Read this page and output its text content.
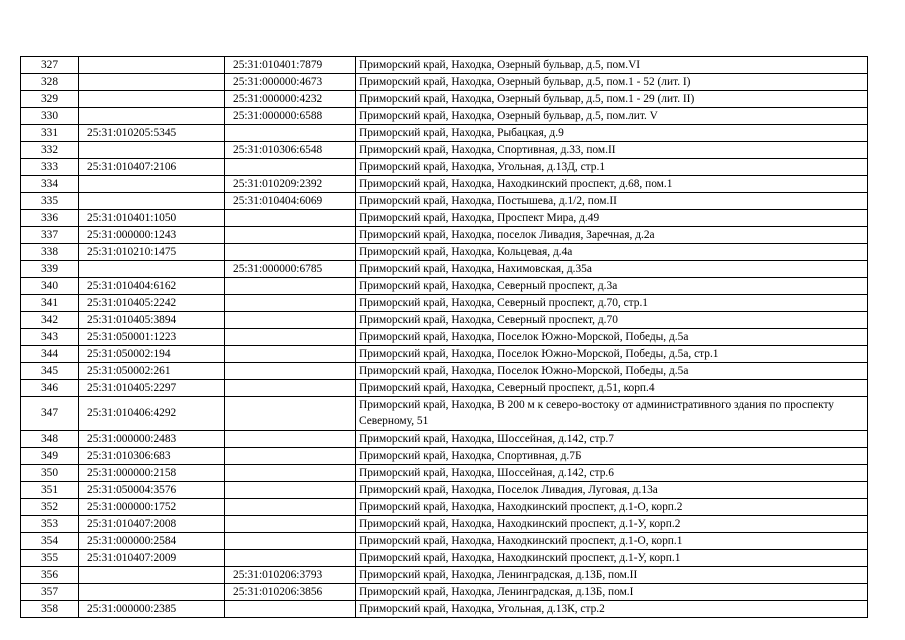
327		25:31:010401:7879	Приморский край, Находка, Озерный бульвар, д.5, пом.VI
328		25:31:000000:4673	Приморский край, Находка, Озерный бульвар, д.5, пом.1 - 52 (лит. I)
329		25:31:000000:4232	Приморский край, Находка, Озерный бульвар, д.5, пом.1 - 29 (лит. II)
330		25:31:000000:6588	Приморский край, Находка, Озерный бульвар, д.5, пом.лит. V
331	25:31:010205:5345		Приморский край, Находка, Рыбацкая, д.9
332		25:31:010306:6548	Приморский край, Находка, Спортивная, д.33, пом.II
333	25:31:010407:2106		Приморский край, Находка, Угольная, д.13Д, стр.1
334		25:31:010209:2392	Приморский край, Находка, Находкинский проспект, д.68, пом.1
335		25:31:010404:6069	Приморский край, Находка, Постышева, д.1/2, пом.II
336	25:31:010401:1050		Приморский край, Находка, Проспект Мира, д.49
337	25:31:000000:1243		Приморский край, Находка, поселок Ливадия, Заречная, д.2а
338	25:31:010210:1475		Приморский край, Находка, Кольцевая, д.4а
339		25:31:000000:6785	Приморский край, Находка, Нахимовская, д.35а
340	25:31:010404:6162		Приморский край, Находка, Северный проспект, д.3а
341	25:31:010405:2242		Приморский край, Находка, Северный проспект, д.70, стр.1
342	25:31:010405:3894		Приморский край, Находка, Северный проспект, д.70
343	25:31:050001:1223		Приморский край, Находка, Поселок Южно-Морской, Победы, д.5а
344	25:31:050002:194		Приморский край, Находка, Поселок Южно-Морской, Победы, д.5а, стр.1
345	25:31:050002:261		Приморский край, Находка, Поселок Южно-Морской, Победы, д.5а
346	25:31:010405:2297		Приморский край, Находка, Северный проспект, д.51, корп.4
347	25:31:010406:4292		Приморский край, Находка, В 200 м к северо-востоку от административного здания по проспекту Северному, 51
348	25:31:000000:2483		Приморский край, Находка, Шоссейная, д.142, стр.7
349	25:31:010306:683		Приморский край, Находка, Спортивная, д.7Б
350	25:31:000000:2158		Приморский край, Находка, Шоссейная, д.142, стр.6
351	25:31:050004:3576		Приморский край, Находка, Поселок Ливадия, Луговая, д.13а
352	25:31:000000:1752		Приморский край, Находка, Находкинский проспект, д.1-О, корп.2
353	25:31:010407:2008		Приморский край, Находка, Находкинский проспект, д.1-У, корп.2
354	25:31:000000:2584		Приморский край, Находка, Находкинский проспект, д.1-О, корп.1
355	25:31:010407:2009		Приморский край, Находка, Находкинский проспект, д.1-У, корп.1
356		25:31:010206:3793	Приморский край, Находка, Ленинградская, д.13Б, пом.II
357		25:31:010206:3856	Приморский край, Находка, Ленинградская, д.13Б, пом.I
358	25:31:000000:2385		Приморский край, Находка, Угольная, д.13К, стр.2
